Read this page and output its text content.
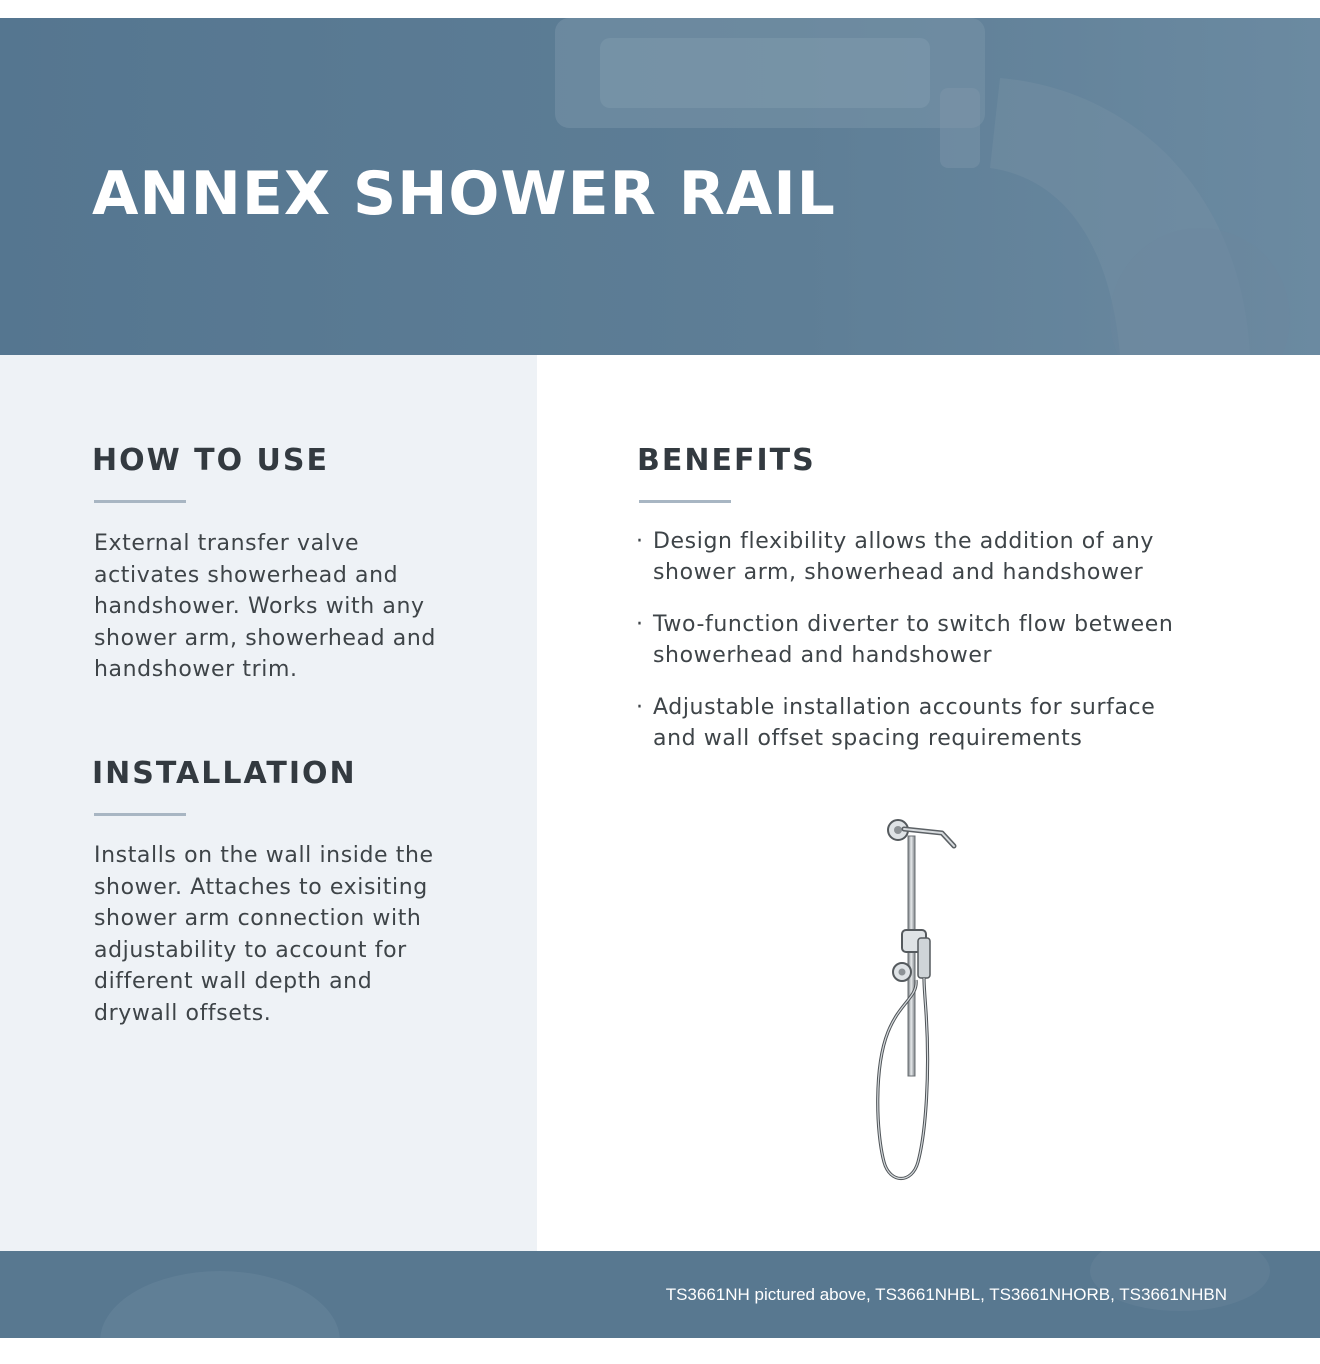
ANNEX SHOWER RAIL
HOW TO USE

External transfer valve
activates showerhead and
handshower. Works with any
shower arm, showerhead and
handshower trim.

INSTALLATION

Installs on the wall inside the
shower. Attaches to exisiting
shower arm connection with
adjustability to account for
different wall depth and
drywall offsets.

BENEFITS
· Design flexibility allows the addition of any
shower arm, showerhead and handshower
· Two-function diverter to switch flow between
showerhead and handshower
· Adjustable installation accounts for surface
and wall offset spacing requirements

TS3661NH pictured above, TS3661NHBL, TS3661NHORB, TS3661NHBN
